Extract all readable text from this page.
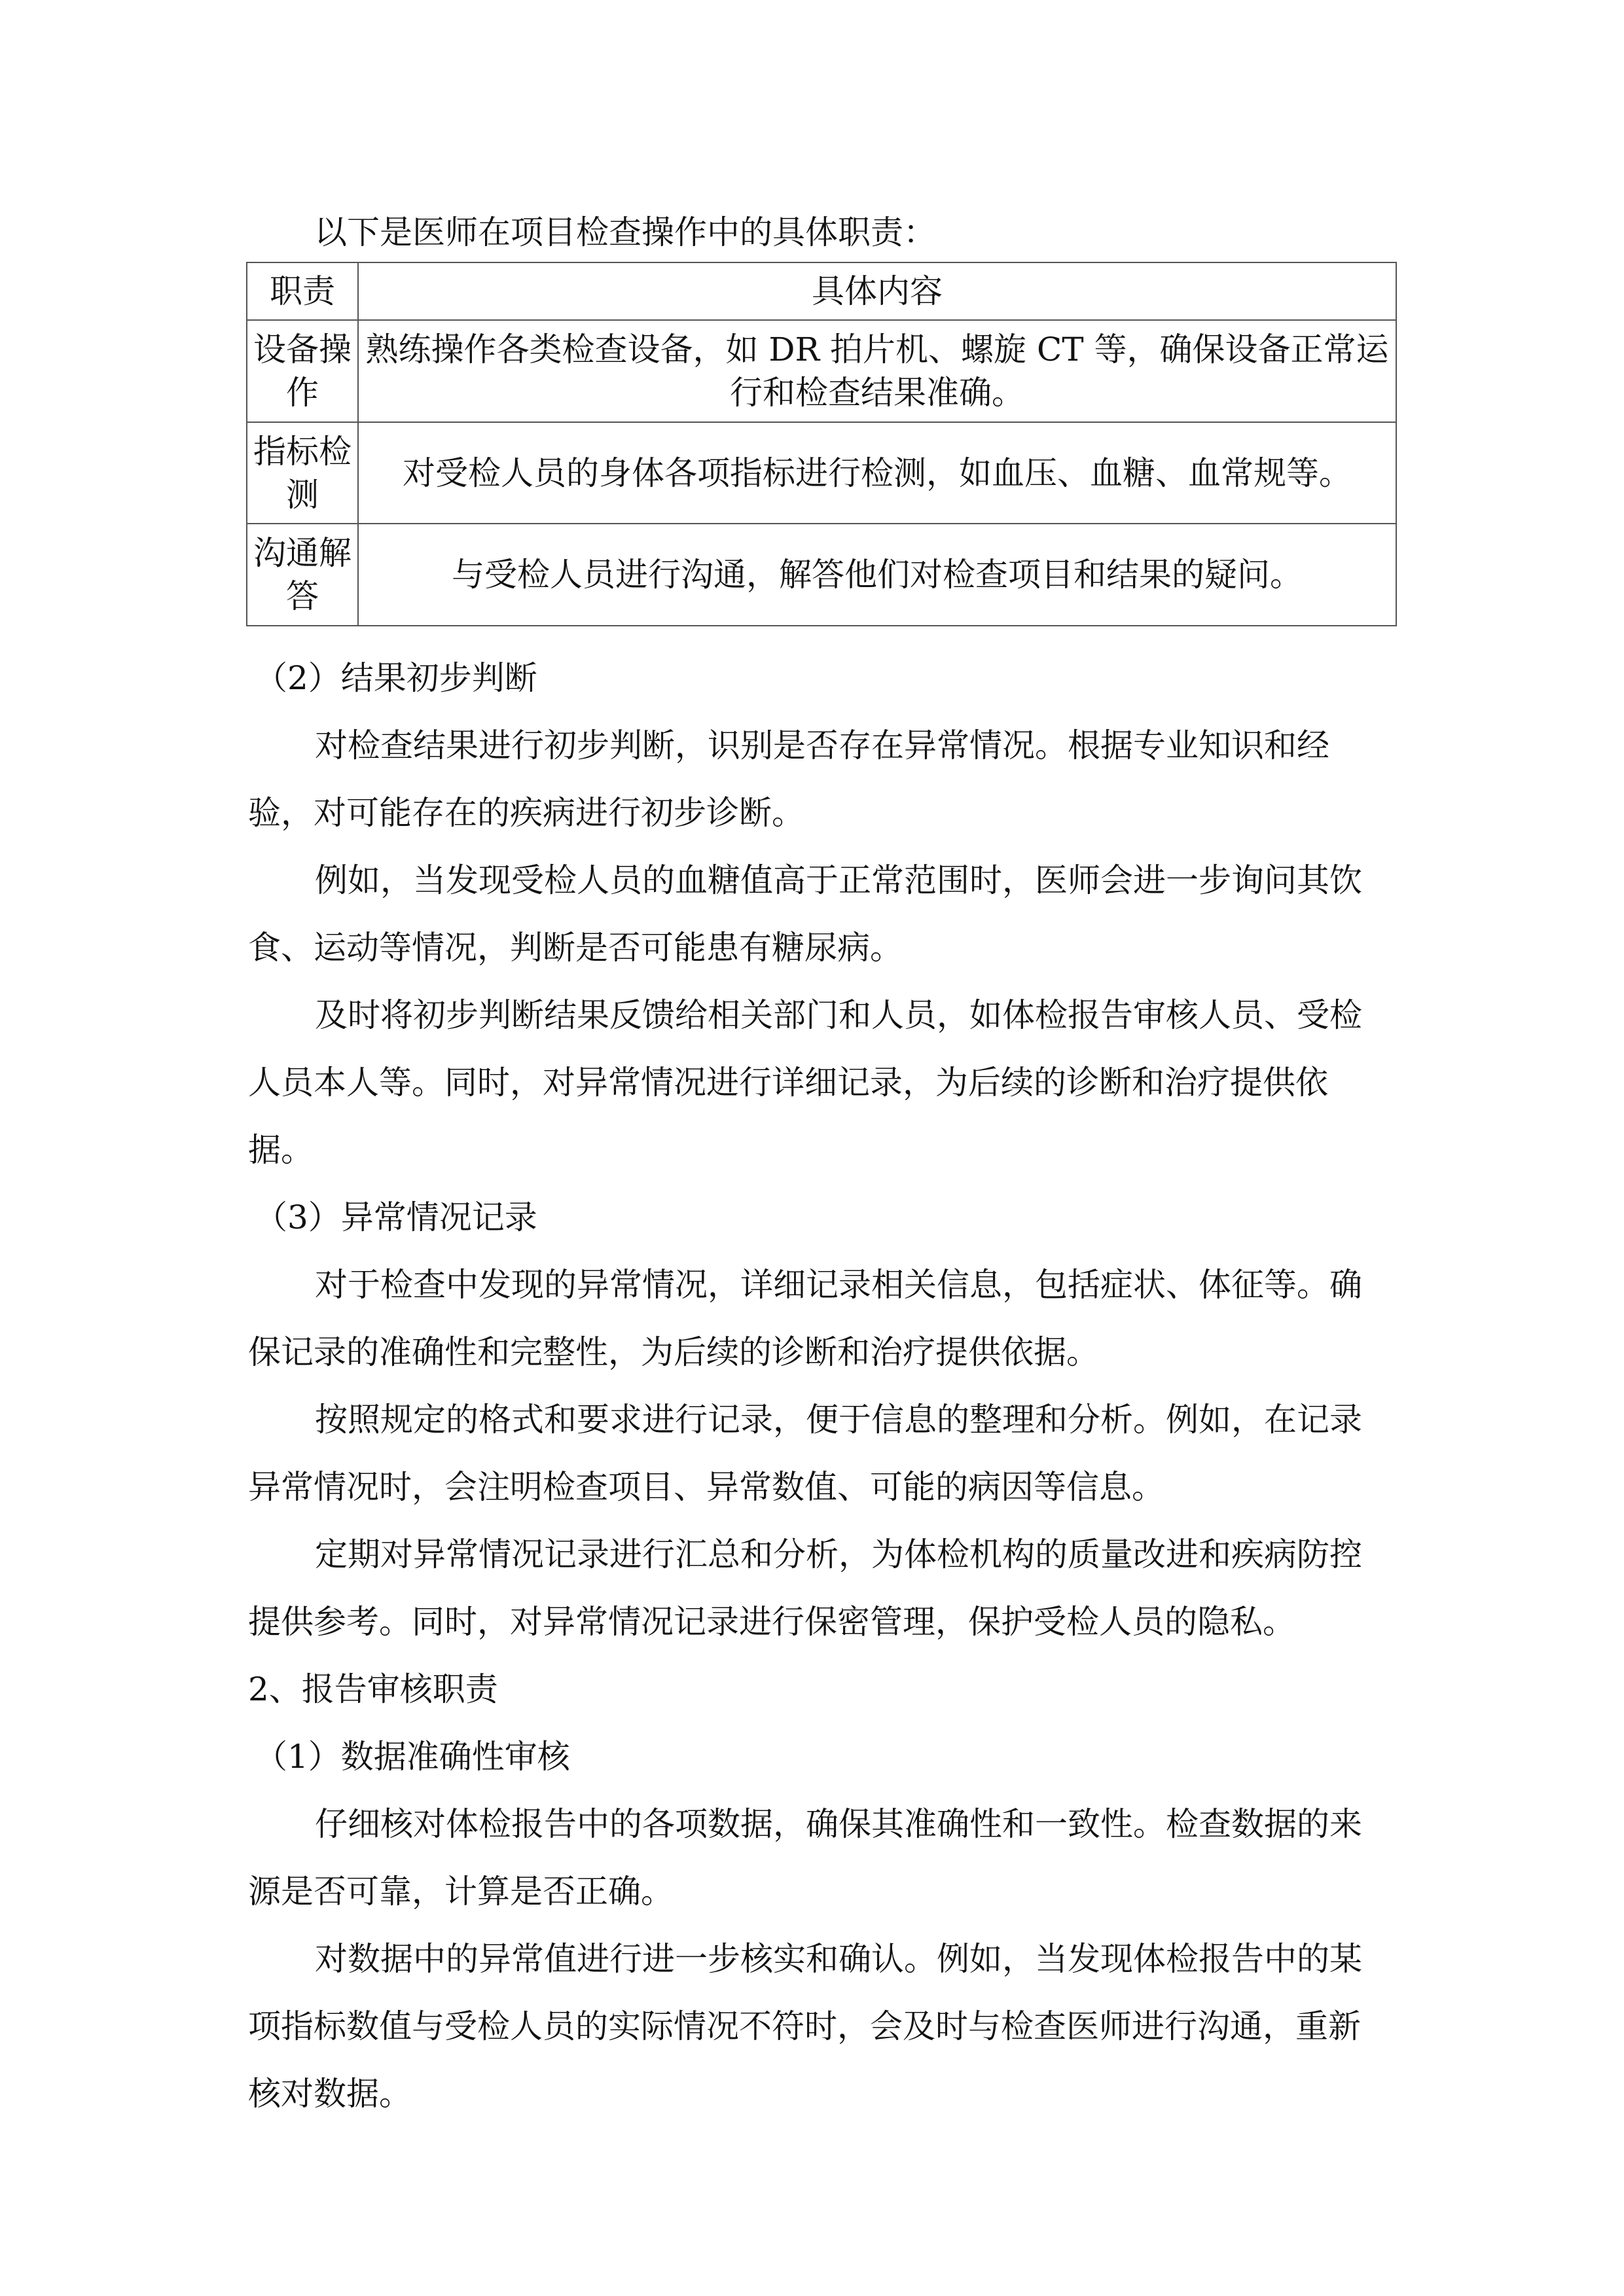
以下是医师在项目检查操作中的具体职责：
职责	具体内容
设备操作	熟练操作各类检查设备，如 DR 拍片机、螺旋 CT 等，确保设备正常运行和检查结果准确。
指标检测	对受检人员的身体各项指标进行检测，如血压、血糖、血常规等。
沟通解答	与受检人员进行沟通，解答他们对检查项目和结果的疑问。
（2）结果初步判断
对检查结果进行初步判断，识别是否存在异常情况。根据专业知识和经
验，对可能存在的疾病进行初步诊断。
例如，当发现受检人员的血糖值高于正常范围时，医师会进一步询问其饮
食、运动等情况，判断是否可能患有糖尿病。
及时将初步判断结果反馈给相关部门和人员，如体检报告审核人员、受检
人员本人等。同时，对异常情况进行详细记录，为后续的诊断和治疗提供依
据。
（3）异常情况记录
对于检查中发现的异常情况，详细记录相关信息，包括症状、体征等。确
保记录的准确性和完整性，为后续的诊断和治疗提供依据。
按照规定的格式和要求进行记录，便于信息的整理和分析。例如，在记录
异常情况时，会注明检查项目、异常数值、可能的病因等信息。
定期对异常情况记录进行汇总和分析，为体检机构的质量改进和疾病防控
提供参考。同时，对异常情况记录进行保密管理，保护受检人员的隐私。
2、报告审核职责
（1）数据准确性审核
仔细核对体检报告中的各项数据，确保其准确性和一致性。检查数据的来
源是否可靠，计算是否正确。
对数据中的异常值进行进一步核实和确认。例如，当发现体检报告中的某
项指标数值与受检人员的实际情况不符时，会及时与检查医师进行沟通，重新
核对数据。
